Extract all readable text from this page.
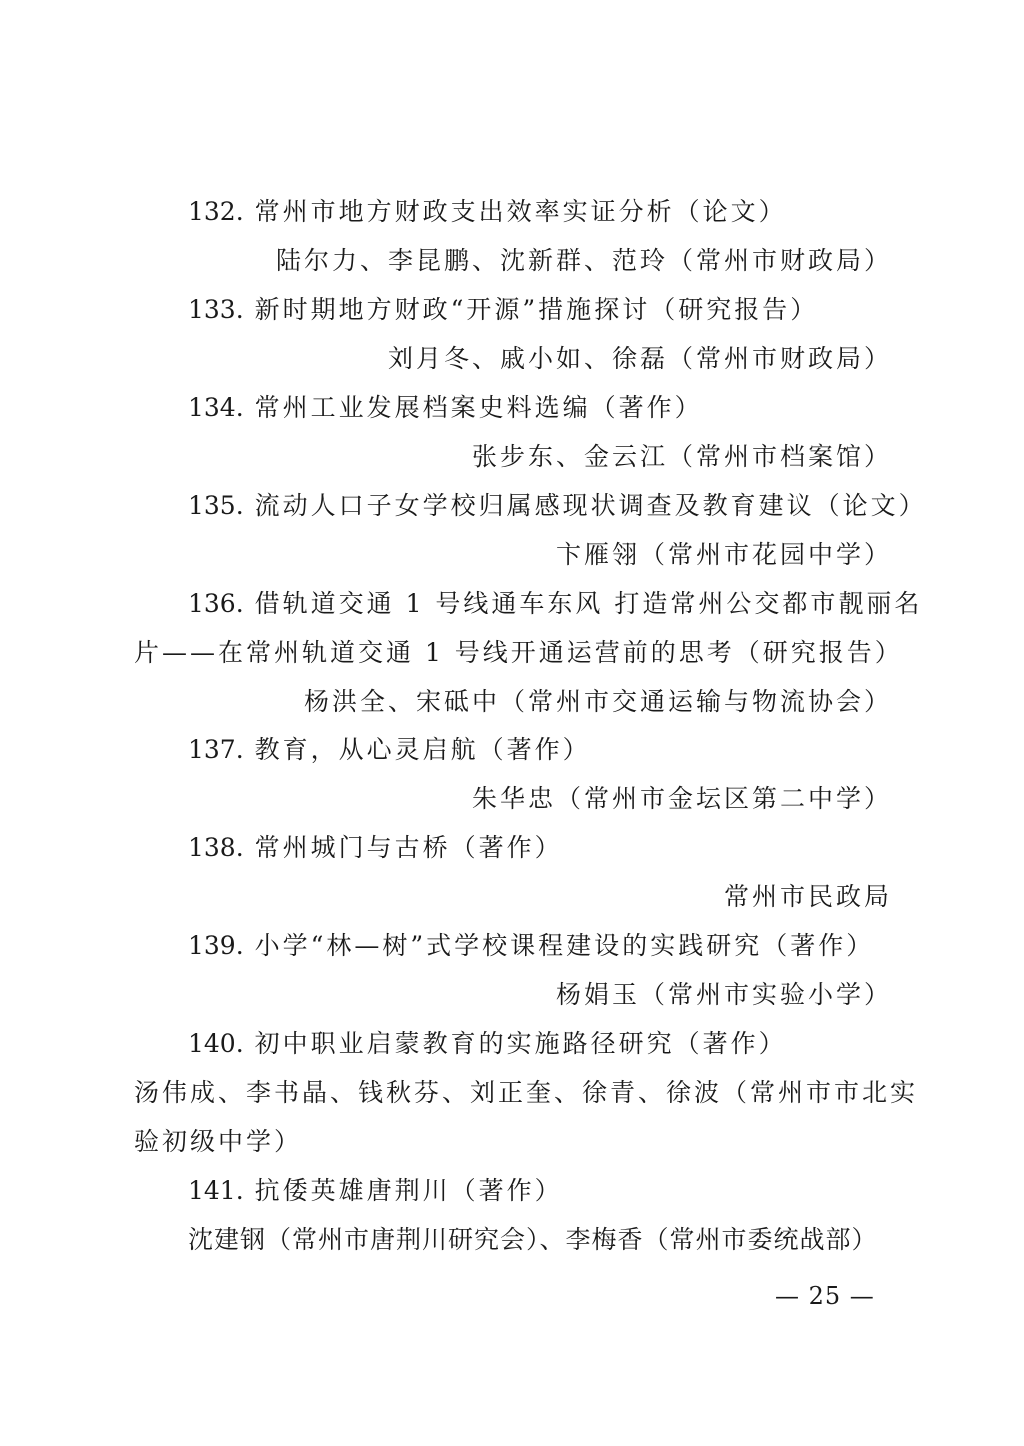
132. 常州市地方财政支出效率实证分析（论文）
陆尔力、李昆鹏、沈新群、范玲（常州市财政局）
133. 新时期地方财政“开源”措施探讨（研究报告）
刘月冬、戚小如、徐磊（常州市财政局）
134. 常州工业发展档案史料选编（著作）
张步东、金云江（常州市档案馆）
135. 流动人口子女学校归属感现状调查及教育建议（论文）
卞雁翎（常州市花园中学）
136. 借轨道交通 1 号线通车东风 打造常州公交都市靓丽名
片——在常州轨道交通 1 号线开通运营前的思考（研究报告）
杨洪全、宋砥中（常州市交通运输与物流协会）
137. 教育，从心灵启航（著作）
朱华忠（常州市金坛区第二中学）
138. 常州城门与古桥（著作）
常州市民政局
139. 小学“林—树”式学校课程建设的实践研究（著作）
杨娟玉（常州市实验小学）
140. 初中职业启蒙教育的实施路径研究（著作）
汤伟成、李书晶、钱秋芬、刘正奎、徐青、徐波（常州市市北实
验初级中学）
141. 抗倭英雄唐荆川（著作）
沈建钢（常州市唐荆川研究会）、李梅香（常州市委统战部）
— 25 —
